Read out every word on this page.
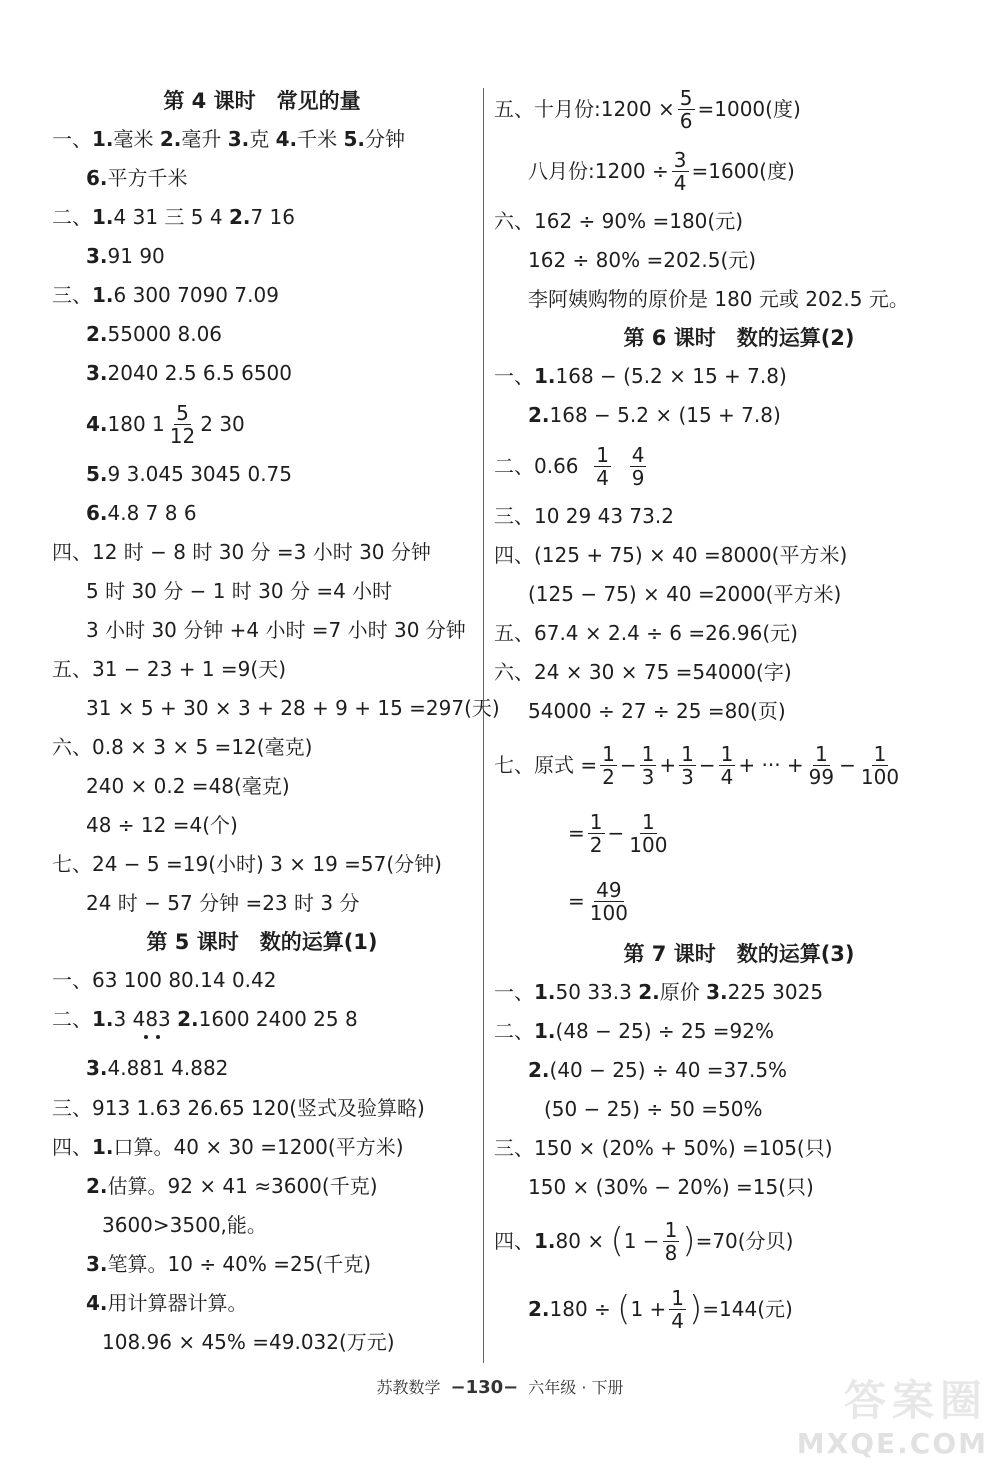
第 4 课时　常见的量
一、1.毫米 2.毫升 3.克 4.千米 5.分钟
6.平方千米
二、1.4 31 三 5 4 2.7 16
3.91 90
三、1.6 300 7090 7.09
2.55000 8.06
3.2040 2.5 6.5 6500
4. 180 $1 \frac{5}{12} 2$ 30
5.9 3.045 3045 0.75
6.4.8 7 8 6
四、12 时 − 8 时 30 分 =3 小时 30 分钟
5 时 30 分 − 1 时 30 分 =4 小时
3 小时 30 分钟 +4 小时 =7 小时 30 分钟
五、31 − 23 + 1 =9(天)
31 × 5 + 30 × 3 + 28 + 9 + 15 =297(天)
六、0.8 × 3 × 5 =12(毫克)
240 × 0.2 =48(毫克)
48 ÷ 12 =4(个)
七、24 − 5 =19(小时) 3 × 19 =57(分钟)
24 时 − 57 分钟 =23 时 3 分
第 5 课时　数的运算(1)
一、63 100 80.14 0.42
二、1.3 483 2.1600 2400 25 8
3.4.881 4.882
三、913 1.63 26.65 120(竖式及验算略)
四、1.口算。40 × 30 =1200(平方米)
2.估算。92 × 41 ≈3600(千克)
3600>3500,能。
3.笔算。10 ÷ 40% =25(千克)
4.用计算器计算。
108.96 × 45% =49.032(万元)
五、十月份:1200 × $\frac{5}{6} =1000$(度)
八月份:1200 ÷ $\frac{3}{4} =1600$(度)
六、162 ÷ 90% =180(元)
162 ÷ 80% =202.5(元)
李阿姨购物的原价是 180 元或 202.5 元。
第 6 课时　数的运算(2)
一、1.168 − (5.2 × 15 + 7.8)
2.168 − 5.2 × (15 + 7.8)
二、0.66
$\frac{1}{4}$
$\frac{4}{9}$
三、10 29 43 73.2
四、(125 + 75) × 40 =8000(平方米)
(125 − 75) × 40 =2000(平方米)
五、67.4 × 2.4 ÷ 6 =26.96(元)
六、24 × 30 × 75 =54000(字)
54000 ÷ 27 ÷ 25 =80(页)
七、原式 = $\frac{1}{2} - \frac{1}{3} + \frac{1}{3} - \frac{1}{4}$ + ··· + $\frac{1}{99} - \frac{1}{100}$
= $\frac{1}{2} - \frac{1}{100}$
= $\frac{49}{100}$
第 7 课时　数的运算(3)
一、1.50 33.3 2.原价 3.225 3025
二、1.(48 − 25) ÷ 25 =92%
2.(40 − 25) ÷ 40 =37.5%
(50 − 25) ÷ 50 =50%
三、150 × (20% + 50%) =105(只)
150 × (30% − 20%) =15(只)
四、 1. 80 ×
( $1 - \frac{1}{8}$ ) =70(分贝)
2. 180 ÷
( $1 + \frac{1}{4}$ ) =144(元)
苏教数学 −130− 六年级 · 下册	答案圈
MXQE.COM
